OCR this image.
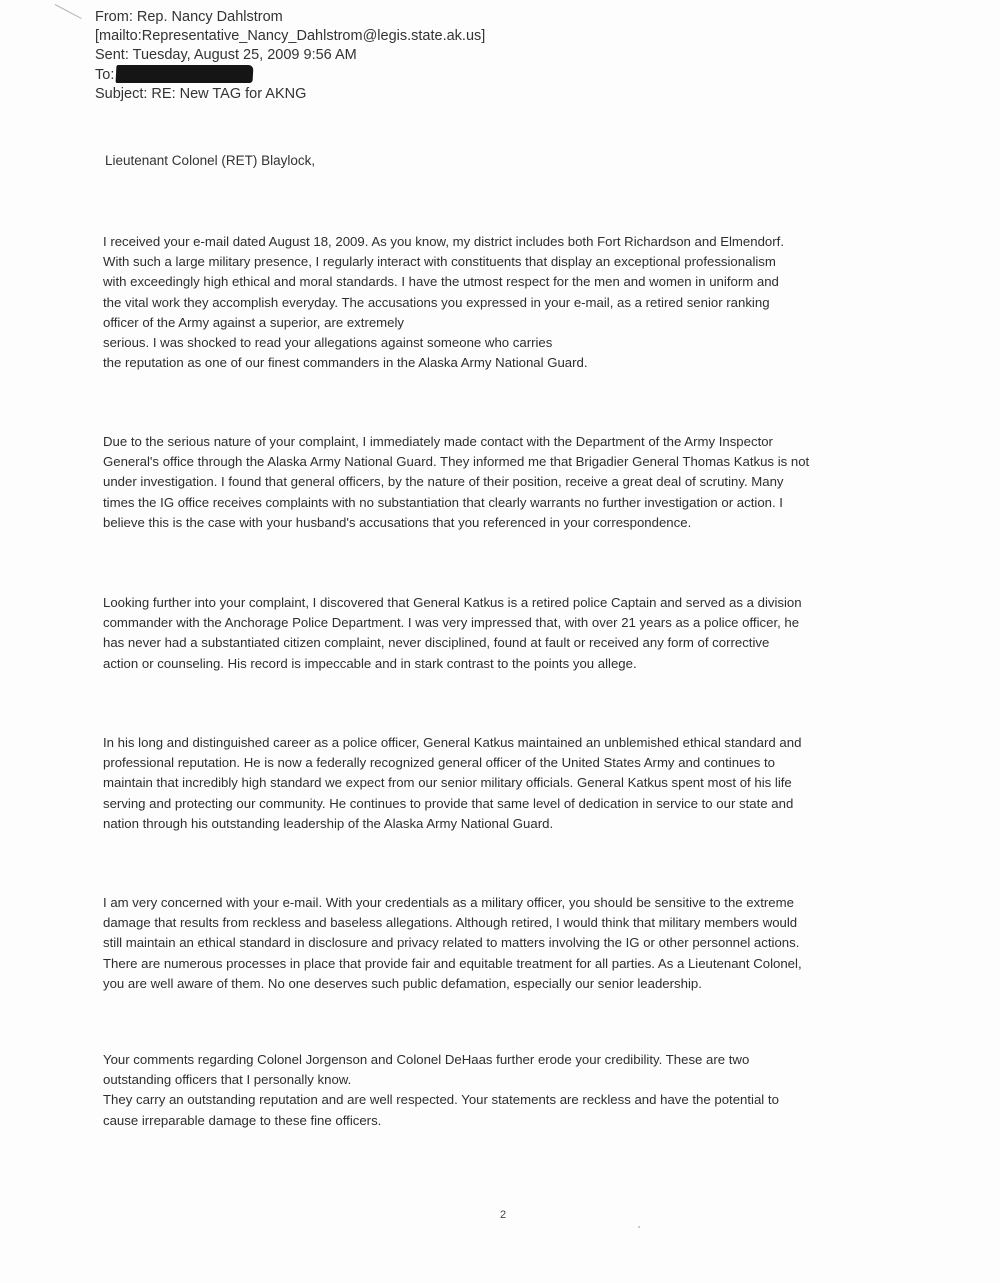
From: Rep. Nancy Dahlstrom
[mailto:Representative_Nancy_Dahlstrom@legis.state.ak.us]
Sent: Tuesday, August 25, 2009 9:56 AM
To:
Subject: RE: New TAG for AKNG
Lieutenant Colonel (RET) Blaylock,
I received your e-mail dated August 18, 2009. As you know, my district includes both Fort Richardson and Elmendorf.
With such a large military presence, I regularly interact with constituents that display an exceptional professionalism
with exceedingly high ethical and moral standards. I have the utmost respect for the men and women in uniform and
the vital work they accomplish everyday. The accusations you expressed in your e-mail, as a retired senior ranking
officer of the Army against a superior, are extremely
serious. I was shocked to read your allegations against someone who carries
the reputation as one of our finest commanders in the Alaska Army National Guard.
Due to the serious nature of your complaint, I immediately made contact with the Department of the Army Inspector
General's office through the Alaska Army National Guard. They informed me that Brigadier General Thomas Katkus is not
under investigation. I found that general officers, by the nature of their position, receive a great deal of scrutiny. Many
times the IG office receives complaints with no substantiation that clearly warrants no further investigation or action. I
believe this is the case with your husband's accusations that you referenced in your correspondence.
Looking further into your complaint, I discovered that General Katkus is a retired police Captain and served as a division
commander with the Anchorage Police Department. I was very impressed that, with over 21 years as a police officer, he
has never had a substantiated citizen complaint, never disciplined, found at fault or received any form of corrective
action or counseling. His record is impeccable and in stark contrast to the points you allege.
In his long and distinguished career as a police officer, General Katkus maintained an unblemished ethical standard and
professional reputation. He is now a federally recognized general officer of the United States Army and continues to
maintain that incredibly high standard we expect from our senior military officials. General Katkus spent most of his life
serving and protecting our community. He continues to provide that same level of dedication in service to our state and
nation through his outstanding leadership of the Alaska Army National Guard.
I am very concerned with your e-mail. With your credentials as a military officer, you should be sensitive to the extreme
damage that results from reckless and baseless allegations. Although retired, I would think that military members would
still maintain an ethical standard in disclosure and privacy related to matters involving the IG or other personnel actions.
There are numerous processes in place that provide fair and equitable treatment for all parties. As a Lieutenant Colonel,
you are well aware of them. No one deserves such public defamation, especially our senior leadership.
Your comments regarding Colonel Jorgenson and Colonel DeHaas further erode your credibility. These are two
outstanding officers that I personally know.
They carry an outstanding reputation and are well respected. Your statements are reckless and have the potential to
cause irreparable damage to these fine officers.
2
